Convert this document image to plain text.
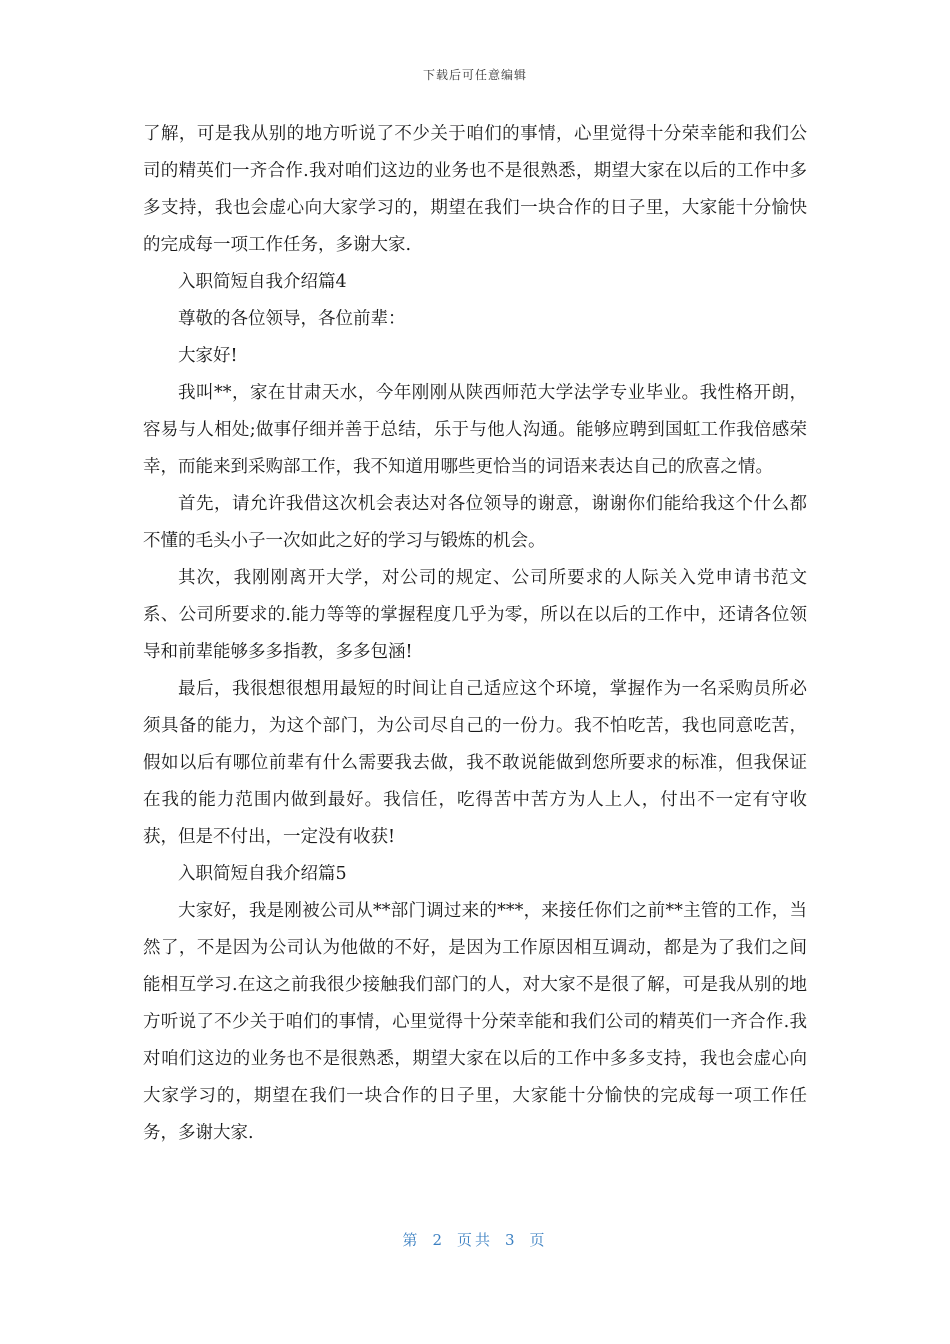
下载后可任意编辑

了解，可是我从别的地方听说了不少关于咱们的事情，心里觉得十分荣幸能和我们公司的精英们一齐合作.我对咱们这边的业务也不是很熟悉，期望大家在以后的工作中多多支持，我也会虚心向大家学习的，期望在我们一块合作的日子里，大家能十分愉快的完成每一项工作任务，多谢大家.

入职简短自我介绍篇4

尊敬的各位领导，各位前辈：

大家好!

我叫**，家在甘肃天水，今年刚刚从陕西师范大学法学专业毕业。我性格开朗，容易与人相处;做事仔细并善于总结，乐于与他人沟通。能够应聘到国虹工作我倍感荣幸，而能来到采购部工作，我不知道用哪些更恰当的词语来表达自己的欣喜之情。

首先，请允许我借这次机会表达对各位领导的谢意，谢谢你们能给我这个什么都不懂的毛头小子一次如此之好的学习与锻炼的机会。

其次，我刚刚离开大学，对公司的规定、公司所要求的人际关入党申请书范文系、公司所要求的.能力等等的掌握程度几乎为零，所以在以后的工作中，还请各位领导和前辈能够多多指教，多多包涵!

最后，我很想很想用最短的时间让自己适应这个环境，掌握作为一名采购员所必须具备的能力，为这个部门，为公司尽自己的一份力。我不怕吃苦，我也同意吃苦，假如以后有哪位前辈有什么需要我去做，我不敢说能做到您所要求的标准，但我保证在我的能力范围内做到最好。我信任，吃得苦中苦方为人上人，付出不一定有守收获，但是不付出，一定没有收获!

入职简短自我介绍篇5

大家好，我是刚被公司从**部门调过来的***，来接任你们之前**主管的工作，当然了，不是因为公司认为他做的不好，是因为工作原因相互调动，都是为了我们之间能相互学习.在这之前我很少接触我们部门的人，对大家不是很了解，可是我从别的地方听说了不少关于咱们的事情，心里觉得十分荣幸能和我们公司的精英们一齐合作.我对咱们这边的业务也不是很熟悉，期望大家在以后的工作中多多支持，我也会虚心向大家学习的，期望在我们一块合作的日子里，大家能十分愉快的完成每一项工作任务，多谢大家.

第 2 页共 3 页
